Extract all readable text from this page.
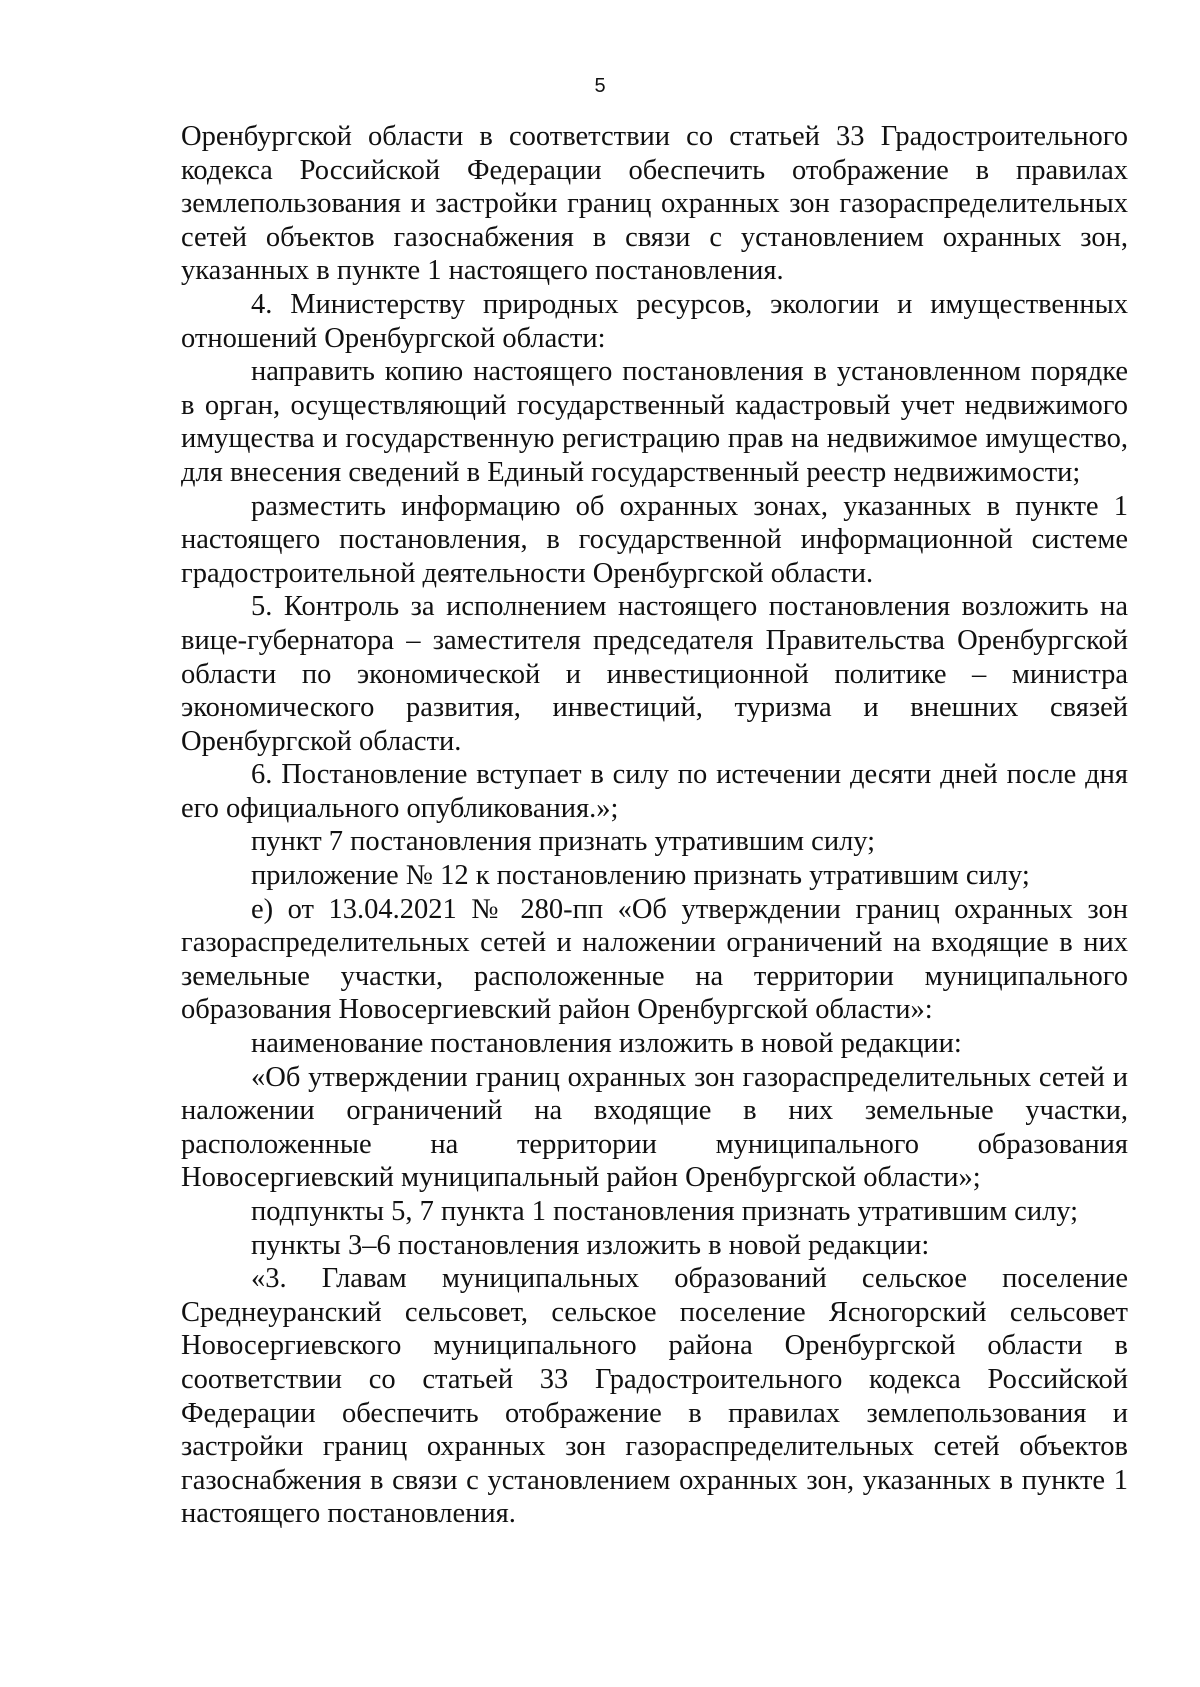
5

Оренбургской области в соответствии со статьей 33 Градостроительного кодекса Российской Федерации обеспечить отображение в правилах землепользования и застройки границ охранных зон газораспределительных сетей объектов газоснабжения в связи с установлением охранных зон, указанных в пункте 1 настоящего постановления.

4. Министерству природных ресурсов, экологии и имущественных отношений Оренбургской области:

направить копию настоящего постановления в установленном порядке в орган, осуществляющий государственный кадастровый учет недвижимого имущества и государственную регистрацию прав на недвижимое имущество, для внесения сведений в Единый государственный реестр недвижимости;

разместить информацию об охранных зонах, указанных в пункте 1 настоящего постановления, в государственной информационной системе градостроительной деятельности Оренбургской области.

5. Контроль за исполнением настоящего постановления возложить на вице-губернатора – заместителя председателя Правительства Оренбургской области по экономической и инвестиционной политике – министра экономического развития, инвестиций, туризма и внешних связей Оренбургской области.

6. Постановление вступает в силу по истечении десяти дней после дня его официального опубликования.»;

пункт 7 постановления признать утратившим силу;

приложение № 12 к постановлению признать утратившим силу;

е) от 13.04.2021 № 280-пп «Об утверждении границ охранных зон газораспределительных сетей и наложении ограничений на входящие в них земельные участки, расположенные на территории муниципального образования Новосергиевский район Оренбургской области»:

наименование постановления изложить в новой редакции:

«Об утверждении границ охранных зон газораспределительных сетей и наложении ограничений на входящие в них земельные участки, расположенные на территории муниципального образования Новосергиевский муниципальный район Оренбургской области»;

подпункты 5, 7 пункта 1 постановления признать утратившим силу;

пункты 3–6 постановления изложить в новой редакции:

«3. Главам муниципальных образований сельское поселение Среднеуранский сельсовет, сельское поселение Ясногорский сельсовет Новосергиевского муниципального района Оренбургской области в соответствии со статьей 33 Градостроительного кодекса Российской Федерации обеспечить отображение в правилах землепользования и застройки границ охранных зон газораспределительных сетей объектов газоснабжения в связи с установлением охранных зон, указанных в пункте 1 настоящего постановления.
